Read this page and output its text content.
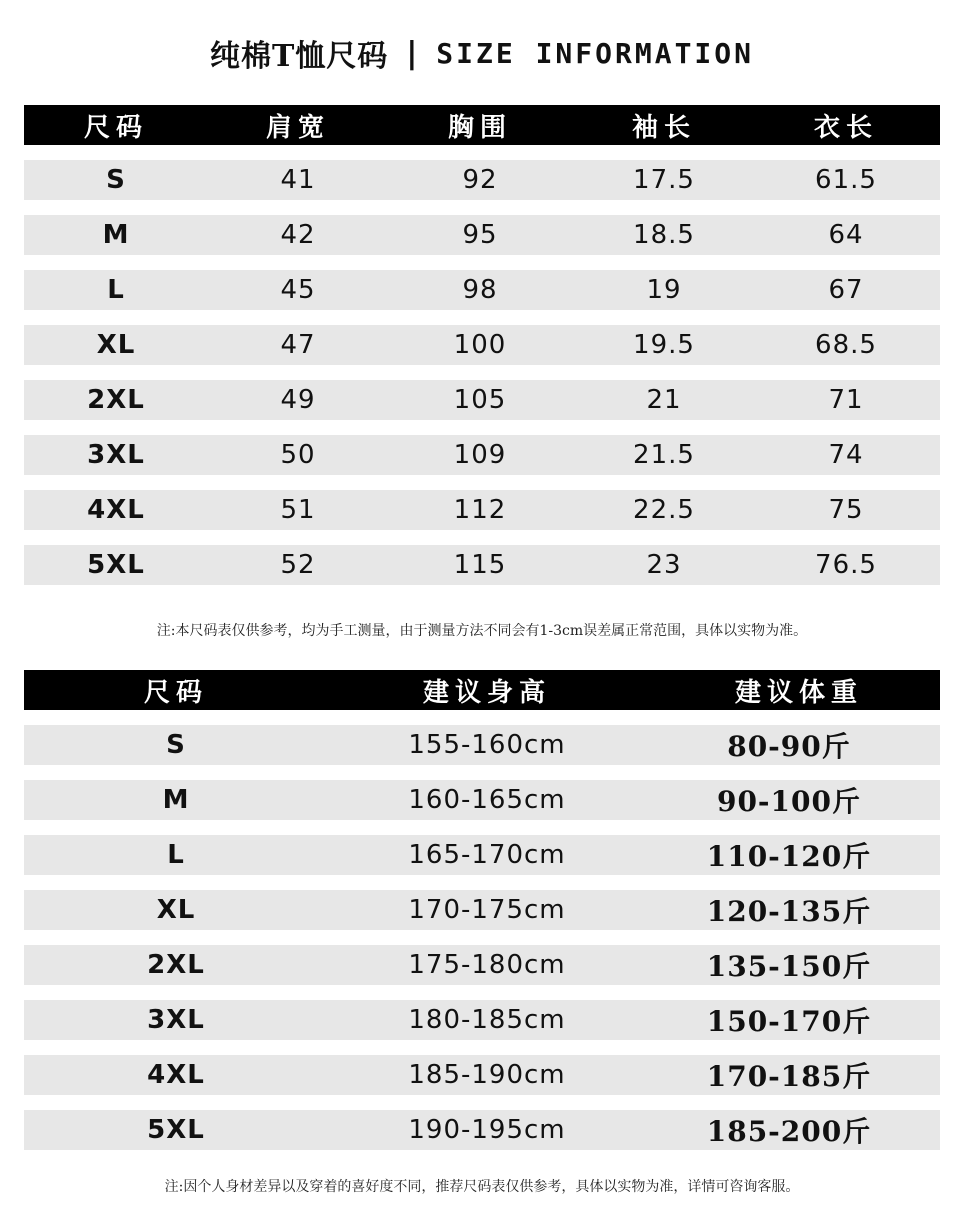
纯棉T恤尺码 | SIZE INFORMATION
尺码	肩宽	胸围	袖长	衣长
S	41	92	17.5	61.5
M	42	95	18.5	64
L	45	98	19	67
XL	47	100	19.5	68.5
2XL	49	105	21	71
3XL	50	109	21.5	74
4XL	51	112	22.5	75
5XL	52	115	23	76.5
注:本尺码表仅供参考，均为手工测量，由于测量方法不同会有1-3cm误差属正常范围，具体以实物为准。
尺码	建议身高	建议体重
S	155-160cm	80-90斤
M	160-165cm	90-100斤
L	165-170cm	110-120斤
XL	170-175cm	120-135斤
2XL	175-180cm	135-150斤
3XL	180-185cm	150-170斤
4XL	185-190cm	170-185斤
5XL	190-195cm	185-200斤
注:因个人身材差异以及穿着的喜好度不同，推荐尺码表仅供参考，具体以实物为准，详情可咨询客服。
